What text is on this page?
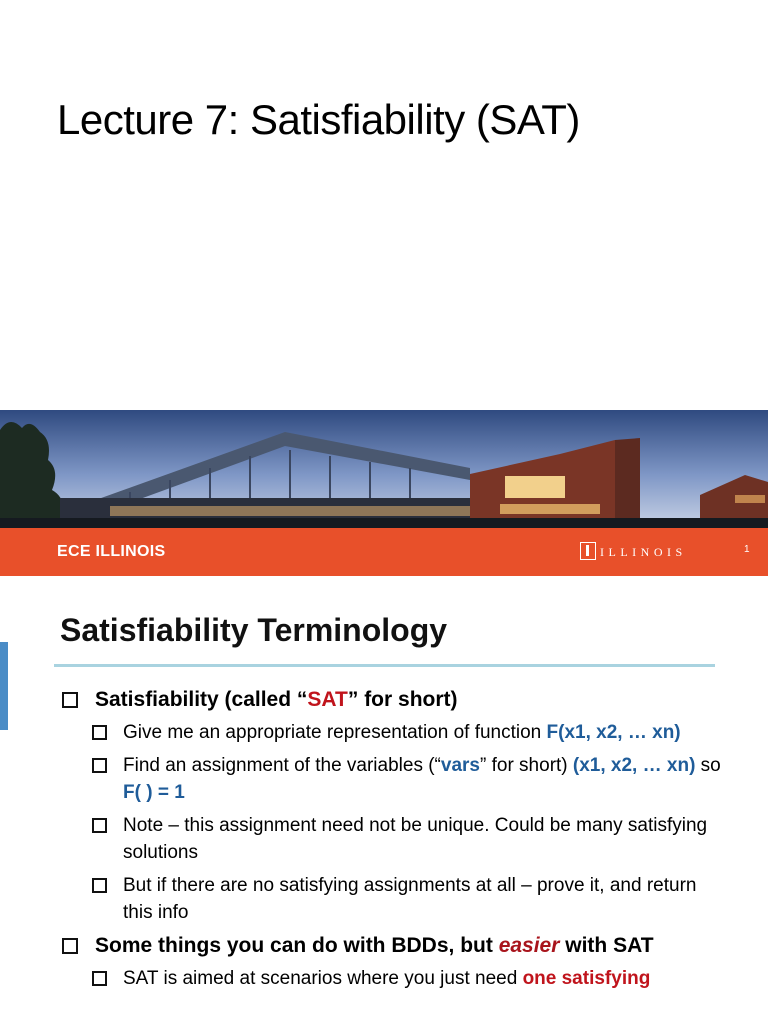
Lecture 7: Satisfiability (SAT)
ECE ILLINOIS	ILLINOIS	1
Satisfiability Terminology
Satisfiability (called “SAT” for short)
Give me an appropriate representation of function F(x1, x2, … xn)
Find an assignment of the variables (“vars” for short) (x1, x2, … xn) so F( ) = 1
Note – this assignment need not be unique. Could be many satisfying solutions
But if there are no satisfying assignments at all – prove it, and return this info
Some things you can do with BDDs, but easier with SAT
SAT is aimed at scenarios where you just need one satisfying
